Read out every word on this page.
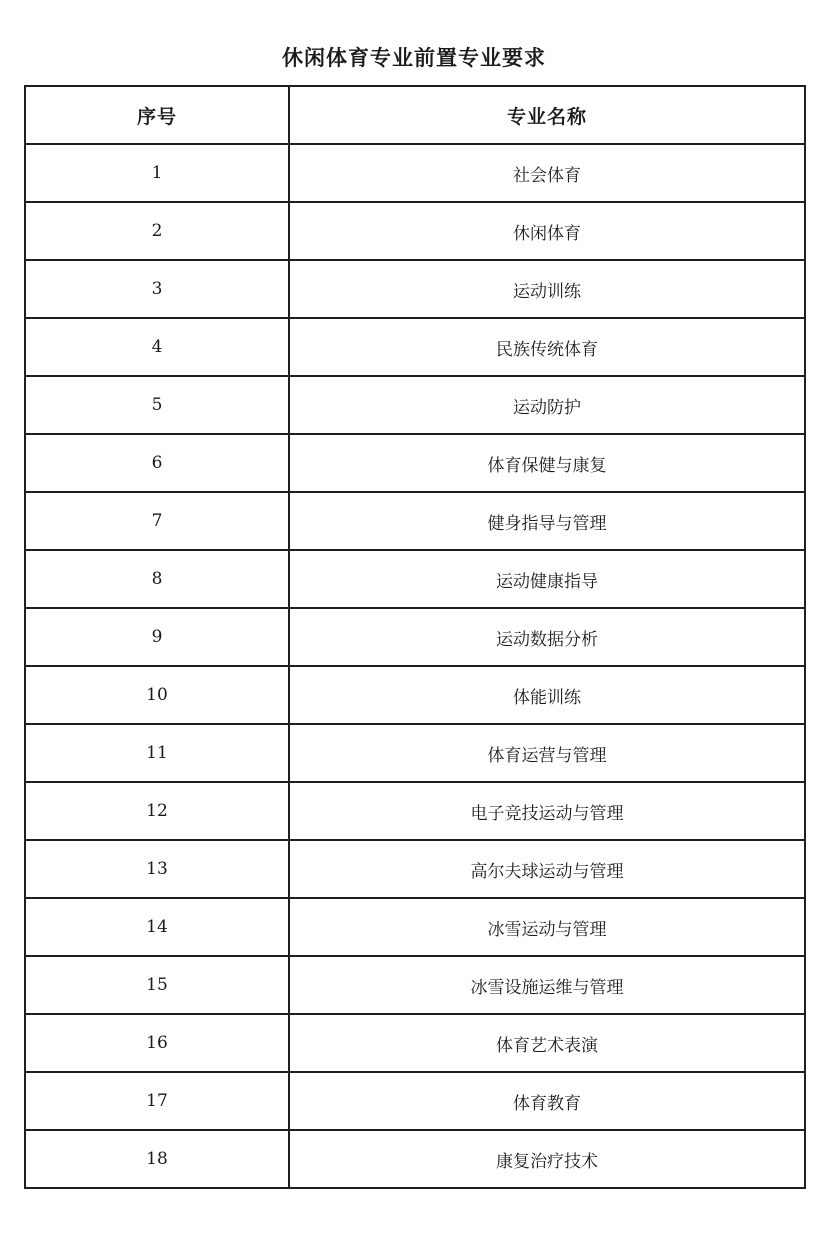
休闲体育专业前置专业要求
序号	专业名称
1	社会体育
2	休闲体育
3	运动训练
4	民族传统体育
5	运动防护
6	体育保健与康复
7	健身指导与管理
8	运动健康指导
9	运动数据分析
10	体能训练
11	体育运营与管理
12	电子竞技运动与管理
13	高尔夫球运动与管理
14	冰雪运动与管理
15	冰雪设施运维与管理
16	体育艺术表演
17	体育教育
18	康复治疗技术
